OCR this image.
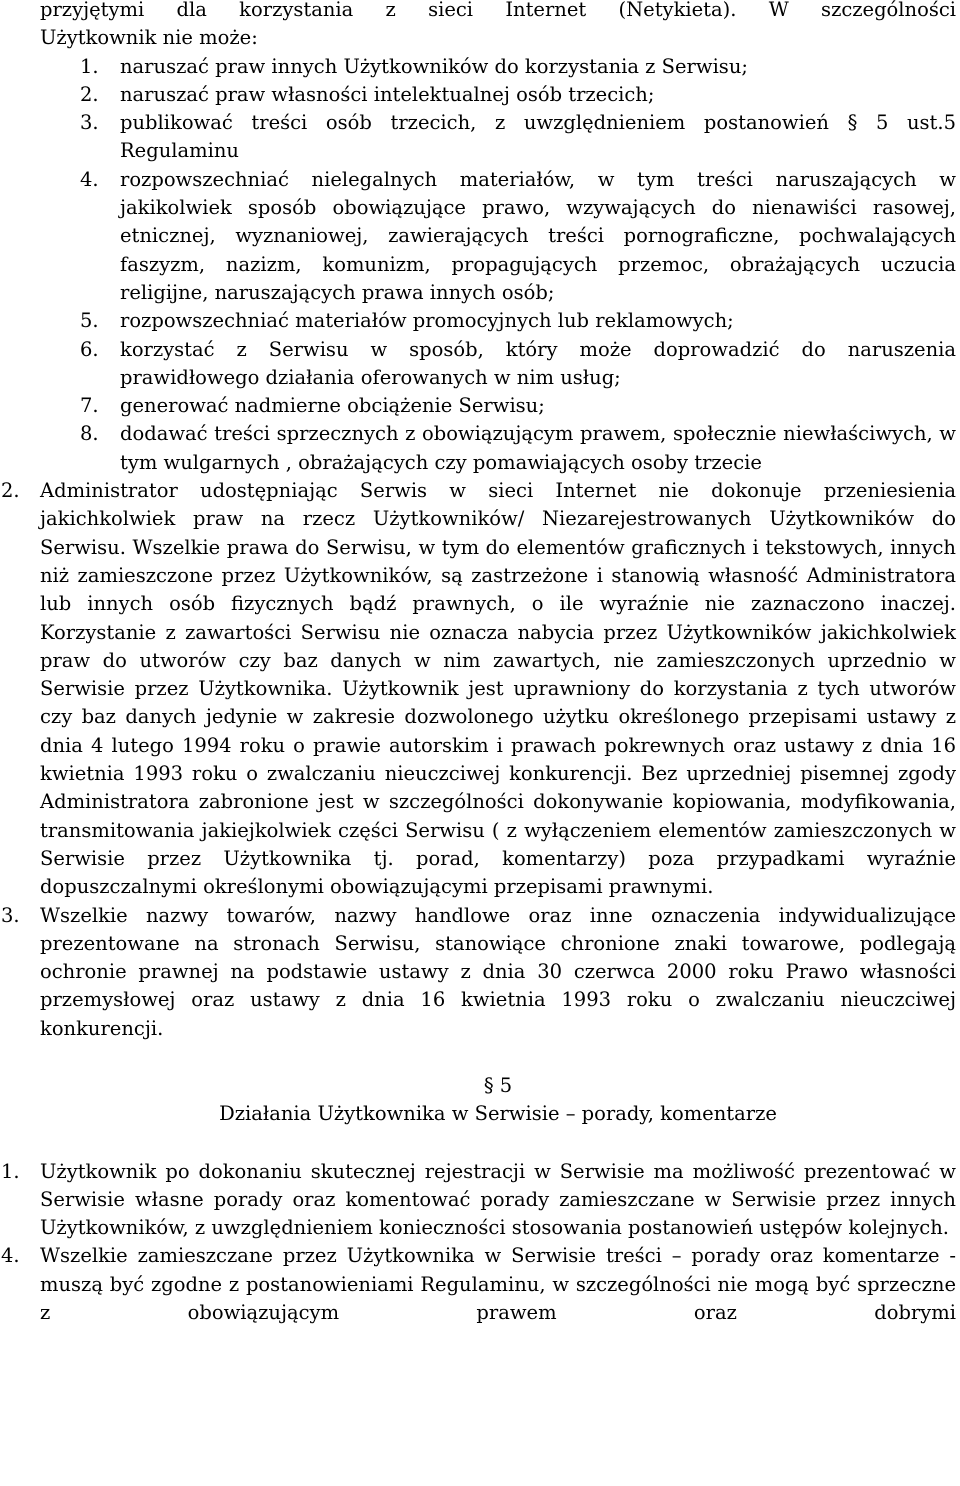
przyjętymi dla korzystania z sieci Internet (Netykieta). W szczególności
Użytkownik nie może:
1. naruszać praw innych Użytkowników do korzystania z Serwisu;
2. naruszać praw własności intelektualnej osób trzecich;
3. publikować treści osób trzecich, z uwzględnieniem postanowień § 5 ust.5 Regulaminu
4. rozpowszechniać nielegalnych materiałów, w tym treści naruszających w jakikolwiek sposób obowiązujące prawo, wzywających do nienawiści rasowej, etnicznej, wyznaniowej, zawierających treści pornograficzne, pochwalających faszyzm, nazizm, komunizm, propagujących przemoc, obrażających uczucia religijne, naruszających prawa innych osób;
5. rozpowszechniać materiałów promocyjnych lub reklamowych;
6. korzystać z Serwisu w sposób, który może doprowadzić do naruszenia prawidłowego działania oferowanych w nim usług;
7. generować nadmierne obciążenie Serwisu;
8. dodawać treści sprzecznych z obowiązującym prawem, społecznie niewłaściwych, w tym wulgarnych , obrażających czy pomawiających osoby trzecie
2. Administrator udostępniając Serwis w sieci Internet nie dokonuje przeniesienia jakichkolwiek praw na rzecz Użytkowników/ Niezarejestrowanych Użytkowników do Serwisu. Wszelkie prawa do Serwisu, w tym do elementów graficznych i tekstowych, innych niż zamieszczone przez Użytkowników, są zastrzeżone i stanowią własność Administratora lub innych osób fizycznych bądź prawnych, o ile wyraźnie nie zaznaczono inaczej. Korzystanie z zawartości Serwisu nie oznacza nabycia przez Użytkowników jakichkolwiek praw do utworów czy baz danych w nim zawartych, nie zamieszczonych uprzednio w Serwisie przez Użytkownika. Użytkownik jest uprawniony do korzystania z tych utworów czy baz danych jedynie w zakresie dozwolonego użytku określonego przepisami ustawy z dnia 4 lutego 1994 roku o prawie autorskim i prawach pokrewnych oraz ustawy z dnia 16 kwietnia 1993 roku o zwalczaniu nieuczciwej konkurencji. Bez uprzedniej pisemnej zgody Administratora zabronione jest w szczególności dokonywanie kopiowania, modyfikowania, transmitowania jakiejkolwiek części Serwisu ( z wyłączeniem elementów zamieszczonych w Serwisie przez Użytkownika tj. porad, komentarzy) poza przypadkami wyraźnie dopuszczalnymi określonymi obowiązującymi przepisami prawnymi.
3. Wszelkie nazwy towarów, nazwy handlowe oraz inne oznaczenia indywidualizujące prezentowane na stronach Serwisu, stanowiące chronione znaki towarowe, podlegają ochronie prawnej na podstawie ustawy z dnia 30 czerwca 2000 roku Prawo własności przemysłowej oraz ustawy z dnia 16 kwietnia 1993 roku o zwalczaniu nieuczciwej konkurencji.
§ 5
Działania Użytkownika w Serwisie – porady, komentarze
1. Użytkownik po dokonaniu skutecznej rejestracji w Serwisie ma możliwość prezentować w Serwisie własne porady oraz komentować porady zamieszczane w Serwisie przez innych Użytkowników, z uwzględnieniem konieczności stosowania postanowień ustępów kolejnych.
4. Wszelkie zamieszczane przez Użytkownika w Serwisie treści – porady oraz komentarze - muszą być zgodne z postanowieniami Regulaminu, w szczególności nie mogą być sprzeczne z obowiązującym prawem oraz dobrymi
